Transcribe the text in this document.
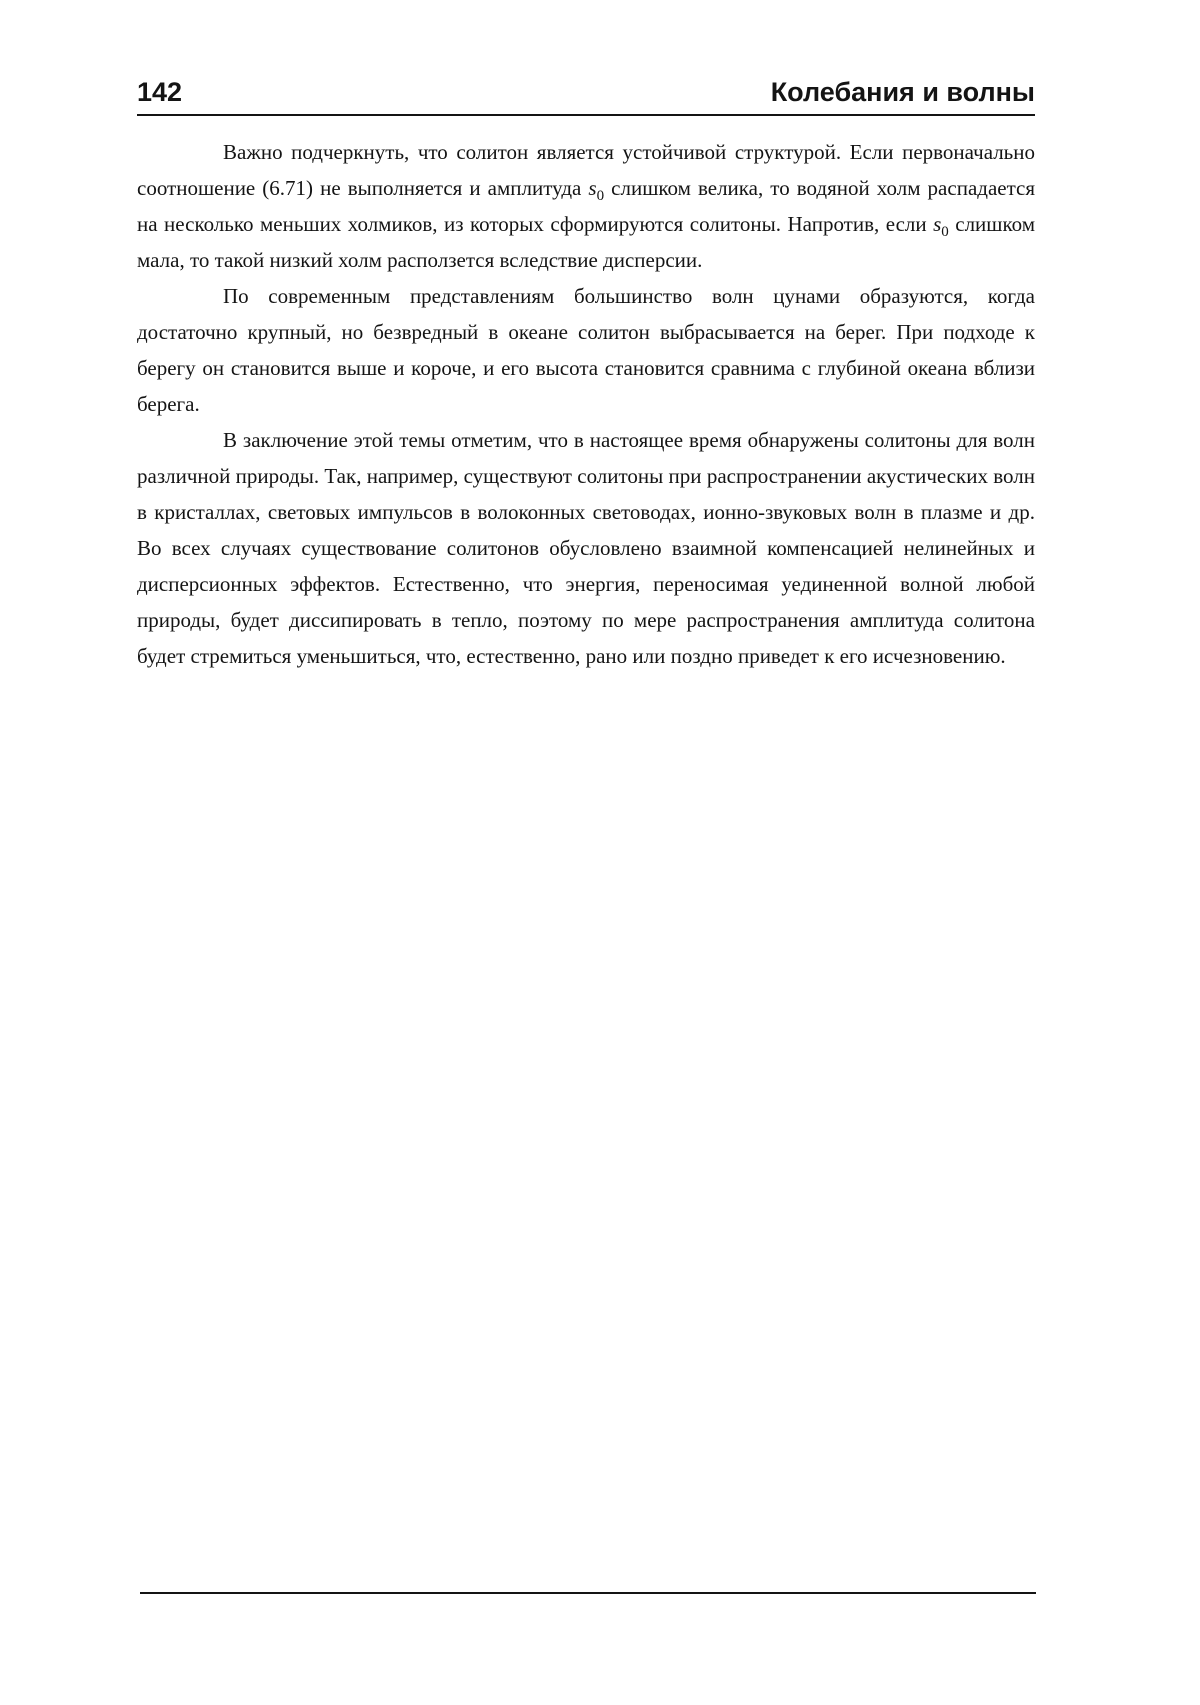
142	Колебания и волны

Важно подчеркнуть, что солитон является устойчивой структурой. Если первоначально соотношение (6.71) не выполняется и амплитуда $s_0$ слишком велика, то водяной холм распадается на несколько меньших холмиков, из которых сформируются солитоны. Напротив, если $s_0$ слишком мала, то такой низкий холм расползется вследствие дисперсии.

По современным представлениям большинство волн цунами образуются, когда достаточно крупный, но безвредный в океане солитон выбрасывается на берег. При подходе к берегу он становится выше и короче, и его высота становится сравнима с глубиной океана вблизи берега.

В заключение этой темы отметим, что в настоящее время обнаружены солитоны для волн различной природы. Так, например, существуют солитоны при распространении акустических волн в кристаллах, световых импульсов в волоконных световодах, ионно-звуковых волн в плазме и др. Во всех случаях существование солитонов обусловлено взаимной компенсацией нелинейных и дисперсионных эффектов. Естественно, что энергия, переносимая уединенной волной любой природы, будет диссипировать в тепло, поэтому по мере распространения амплитуда солитона будет стремиться уменьшиться, что, естественно, рано или поздно приведет к его исчезновению.
